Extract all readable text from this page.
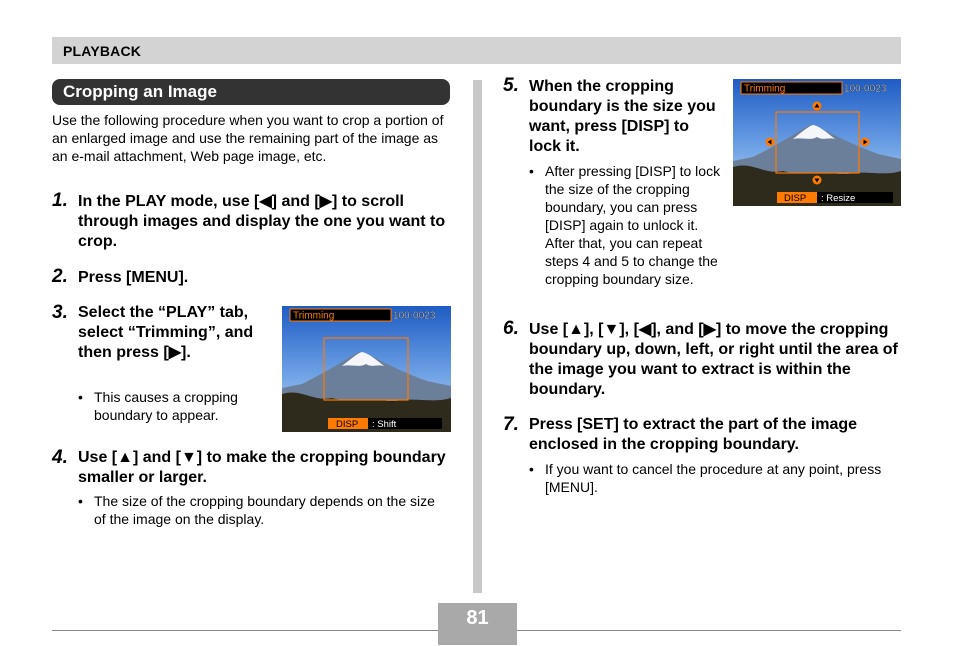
PLAYBACK
Cropping an Image
Use the following procedure when you want to crop a portion of an enlarged image and use the remaining part of the image as an e-mail attachment, Web page image, etc.
1. In the PLAY mode, use [◀] and [▶] to scroll through images and display the one you want to crop.
2. Press [MENU].
3. Select the “PLAY” tab, select “Trimming”, and then press [▶].
• This causes a cropping boundary to appear.
Trimming	100-0023
DISP : Shift
4. Use [▲] and [▼] to make the cropping boundary smaller or larger.
• The size of the cropping boundary depends on the size of the image on the display.
5. When the cropping boundary is the size you want, press [DISP] to lock it.
• After pressing [DISP] to lock the size of the cropping boundary, you can press [DISP] again to unlock it. After that, you can repeat steps 4 and 5 to change the cropping boundary size.
Trimming	100-0023
DISP : Resize
6. Use [▲], [▼], [◀], and [▶] to move the cropping boundary up, down, left, or right until the area of the image you want to extract is within the boundary.
7. Press [SET] to extract the part of the image enclosed in the cropping boundary.
• If you want to cancel the procedure at any point, press [MENU].
81
